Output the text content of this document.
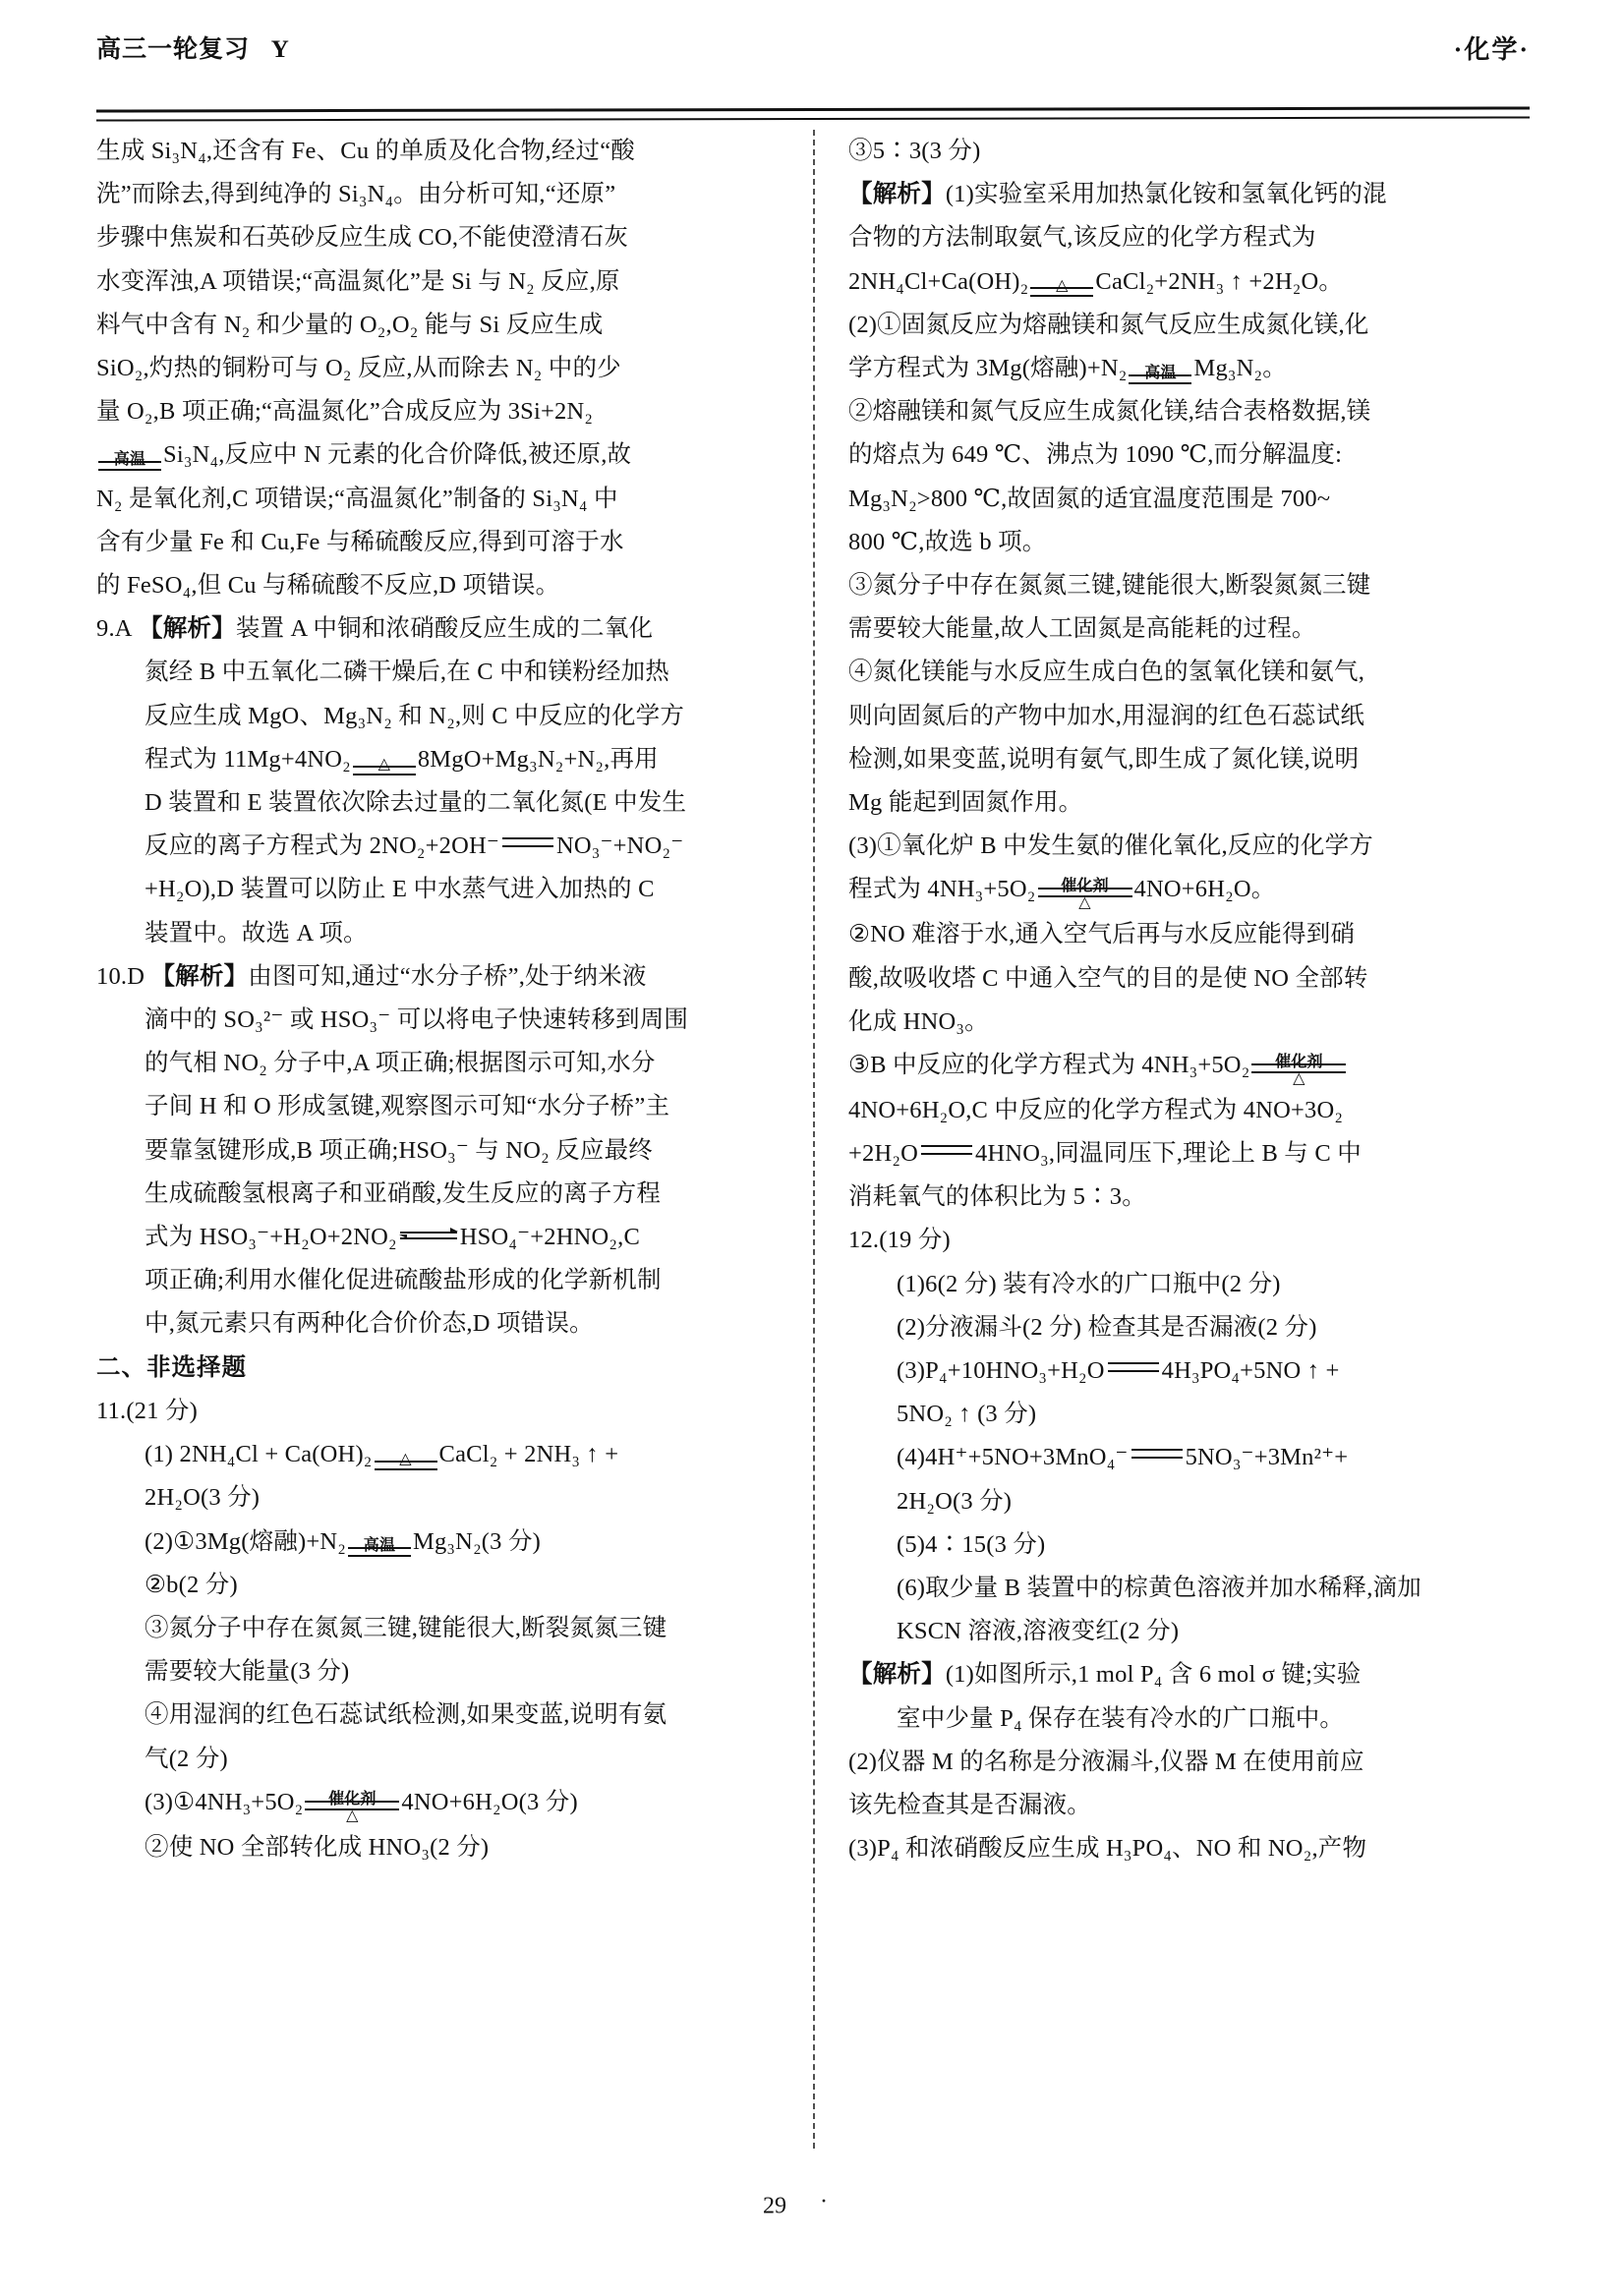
高三一轮复习   Y	·化学·

生成 Si₃N₄,还含有 Fe、Cu 的单质及化合物,经过“酸

洗”而除去,得到纯净的 Si₃N₄。由分析可知,“还原”

步骤中焦炭和石英砂反应生成 CO,不能使澄清石灰

水变浑浊,A 项错误;“高温氮化”是 Si 与 N₂ 反应,原

料气中含有 N₂ 和少量的 O₂,O₂ 能与 Si 反应生成

SiO₂,灼热的铜粉可与 O₂ 反应,从而除去 N₂ 中的少

量 O₂,B 项正确;“高温氮化”合成反应为 3Si+2N₂

高温 Si₃N₄,反应中 N 元素的化合价降低,被还原,故

N₂ 是氧化剂,C 项错误;“高温氮化”制备的 Si₃N₄ 中

含有少量 Fe 和 Cu,Fe 与稀硫酸反应,得到可溶于水

的 FeSO₄,但 Cu 与稀硫酸不反应,D 项错误。

9.A 【解析】装置 A 中铜和浓硝酸反应生成的二氧化

氮经 B 中五氧化二磷干燥后,在 C 中和镁粉经加热

反应生成 MgO、Mg₃N₂ 和 N₂,则 C 中反应的化学方

程式为 11Mg+4NO₂	△	8MgO+Mg₃N₂+N₂,再用

D 装置和 E 装置依次除去过量的二氧化氮(E 中发生

反应的离子方程式为 2NO₂+2OH⁻ NO₃⁻+NO₂⁻

+H₂O),D 装置可以防止 E 中水蒸气进入加热的 C

装置中。故选 A 项。

10.D 【解析】由图可知,通过“水分子桥”,处于纳米液

滴中的 SO₃²⁻ 或 HSO₃⁻ 可以将电子快速转移到周围

的气相 NO₂ 分子中,A 项正确;根据图示可知,水分

子间 H 和 O 形成氢键,观察图示可知“水分子桥”主

要靠氢键形成,B 项正确;HSO₃⁻ 与 NO₂ 反应最终

生成硫酸氢根离子和亚硝酸,发生反应的离子方程

式为 HSO₃⁻+H₂O+2NO₂	HSO₄⁻+2HNO₂,C

项正确;利用水催化促进硫酸盐形成的化学新机制

中,氮元素只有两种化合价价态,D 项错误。

二、非选择题

11.(21 分)

(1) 2NH₄Cl + Ca(OH)₂	△	CaCl₂ + 2NH₃ ↑ +

2H₂O(3 分)

(2)①3Mg(熔融)+N₂	高温 Mg₃N₂(3 分)

②b(2 分)

③氮分子中存在氮氮三键,键能很大,断裂氮氮三键

需要较大能量(3 分)

④用湿润的红色石蕊试纸检测,如果变蓝,说明有氨

气(2 分)

(3)①4NH₃+5O₂	催化剂
△
4NO+6H₂O(3 分)

②使 NO 全部转化成 HNO₃(2 分)

③5∶3(3 分)

【解析】(1)实验室采用加热氯化铵和氢氧化钙的混

合物的方法制取氨气,该反应的化学方程式为

2NH₄Cl+Ca(OH)₂	△	CaCl₂+2NH₃ ↑ +2H₂O。

(2)①固氮反应为熔融镁和氮气反应生成氮化镁,化

学方程式为 3Mg(熔融)+N₂	高温 Mg₃N₂。

②熔融镁和氮气反应生成氮化镁,结合表格数据,镁

的熔点为 649 ℃、沸点为 1090 ℃,而分解温度:

Mg₃N₂>800 ℃,故固氮的适宜温度范围是 700~

800 ℃,故选 b 项。

③氮分子中存在氮氮三键,键能很大,断裂氮氮三键

需要较大能量,故人工固氮是高能耗的过程。

④氮化镁能与水反应生成白色的氢氧化镁和氨气,

则向固氮后的产物中加水,用湿润的红色石蕊试纸

检测,如果变蓝,说明有氨气,即生成了氮化镁,说明

Mg 能起到固氮作用。

(3)①氧化炉 B 中发生氨的催化氧化,反应的化学方

程式为 4NH₃+5O₂	催化剂
△
4NO+6H₂O。

②NO 难溶于水,通入空气后再与水反应能得到硝

酸,故吸收塔 C 中通入空气的目的是使 NO 全部转

化成 HNO₃。

③B 中反应的化学方程式为 4NH₃+5O₂	催化剂
△

4NO+6H₂O,C 中反应的化学方程式为 4NO+3O₂

+2H₂O 4HNO₃,同温同压下,理论上 B 与 C 中

消耗氧气的体积比为 5∶3。

12.(19 分)

(1)6(2 分) 装有冷水的广口瓶中(2 分)

(2)分液漏斗(2 分) 检查其是否漏液(2 分)

(3)P₄+10HNO₃+H₂O 4H₃PO₄+5NO ↑ +

5NO₂ ↑ (3 分)

(4)4H⁺+5NO+3MnO₄⁻ 5NO₃⁻+3Mn²⁺+

2H₂O(3 分)

(5)4∶15(3 分)

(6)取少量 B 装置中的棕黄色溶液并加水稀释,滴加

KSCN 溶液,溶液变红(2 分)

【解析】(1)如图所示,1 mol P₄ 含 6 mol σ 键;实验

室中少量 P₄ 保存在装有冷水的广口瓶中。

(2)仪器 M 的名称是分液漏斗,仪器 M 在使用前应

该先检查其是否漏液。

(3)P₄ 和浓硝酸反应生成 H₃PO₄、NO 和 NO₂,产物

29 ·
